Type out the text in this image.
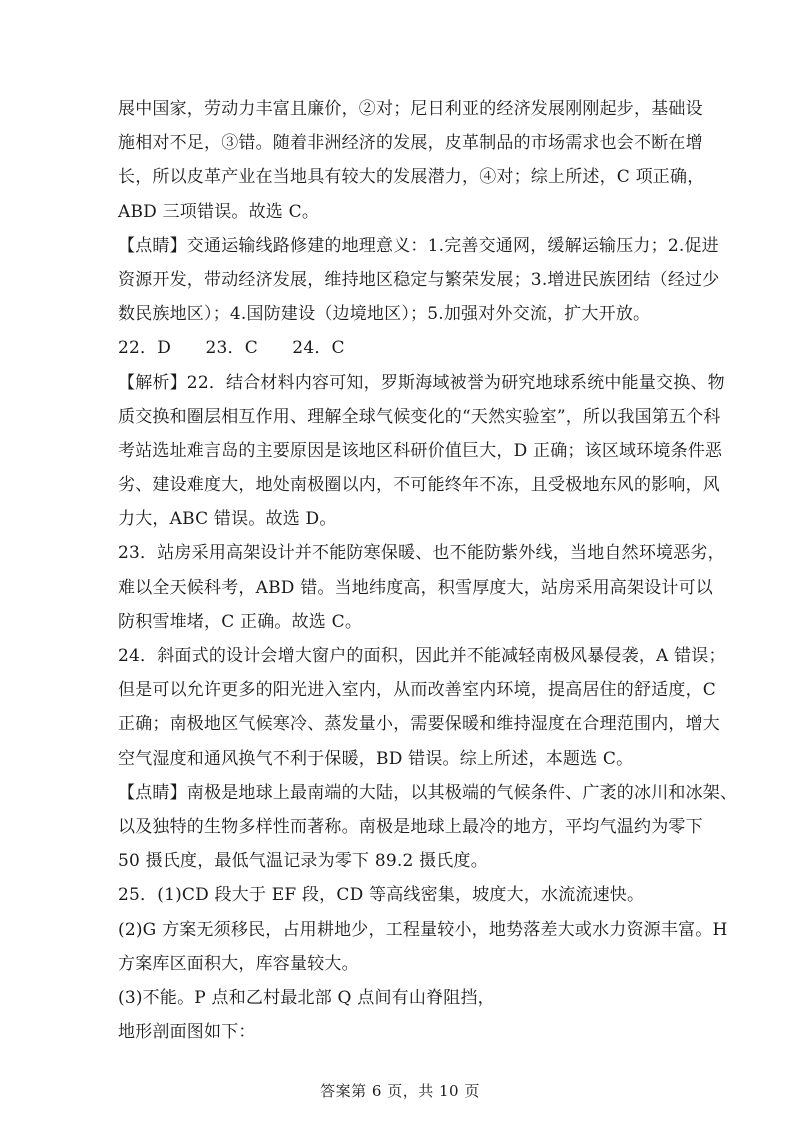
展中国家，劳动力丰富且廉价，②对；尼日利亚的经济发展刚刚起步，基础设
施相对不足，③错。随着非洲经济的发展，皮革制品的市场需求也会不断在增
长，所以皮革产业在当地具有较大的发展潜力，④对；综上所述，C 项正确，
ABD 三项错误。故选 C。
【点睛】交通运输线路修建的地理意义：1.完善交通网，缓解运输压力；2.促进
资源开发，带动经济发展，维持地区稳定与繁荣发展；3.增进民族团结（经过少
数民族地区）；4.国防建设（边境地区）；5.加强对外交流，扩大开放。
22．D　　23．C　　24．C
【解析】22．结合材料内容可知，罗斯海域被誉为研究地球系统中能量交换、物
质交换和圈层相互作用、理解全球气候变化的“天然实验室”，所以我国第五个科
考站选址难言岛的主要原因是该地区科研价值巨大，D 正确；该区域环境条件恶
劣、建设难度大，地处南极圈以内，不可能终年不冻，且受极地东风的影响，风
力大，ABC 错误。故选 D。
23．站房采用高架设计并不能防寒保暖、也不能防紫外线，当地自然环境恶劣，
难以全天候科考，ABD 错。当地纬度高，积雪厚度大，站房采用高架设计可以
防积雪堆堵，C 正确。故选 C。
24．斜面式的设计会增大窗户的面积，因此并不能减轻南极风暴侵袭，A 错误；
但是可以允许更多的阳光进入室内，从而改善室内环境，提高居住的舒适度，C
正确；南极地区气候寒冷、蒸发量小，需要保暖和维持湿度在合理范围内，增大
空气湿度和通风换气不利于保暖，BD 错误。综上所述，本题选 C。
【点睛】南极是地球上最南端的大陆，以其极端的气候条件、广袤的冰川和冰架、
以及独特的生物多样性而著称。南极是地球上最冷的地方，平均气温约为零下
50 摄氏度，最低气温记录为零下 89.2 摄氏度。
25．(1)CD 段大于 EF 段，CD 等高线密集，坡度大，水流流速快。
(2)G 方案无须移民，占用耕地少，工程量较小，地势落差大或水力资源丰富。H
方案库区面积大，库容量较大。
(3)不能。P 点和乙村最北部 Q 点间有山脊阻挡，
地形剖面图如下：
答案第 6 页，共 10 页
